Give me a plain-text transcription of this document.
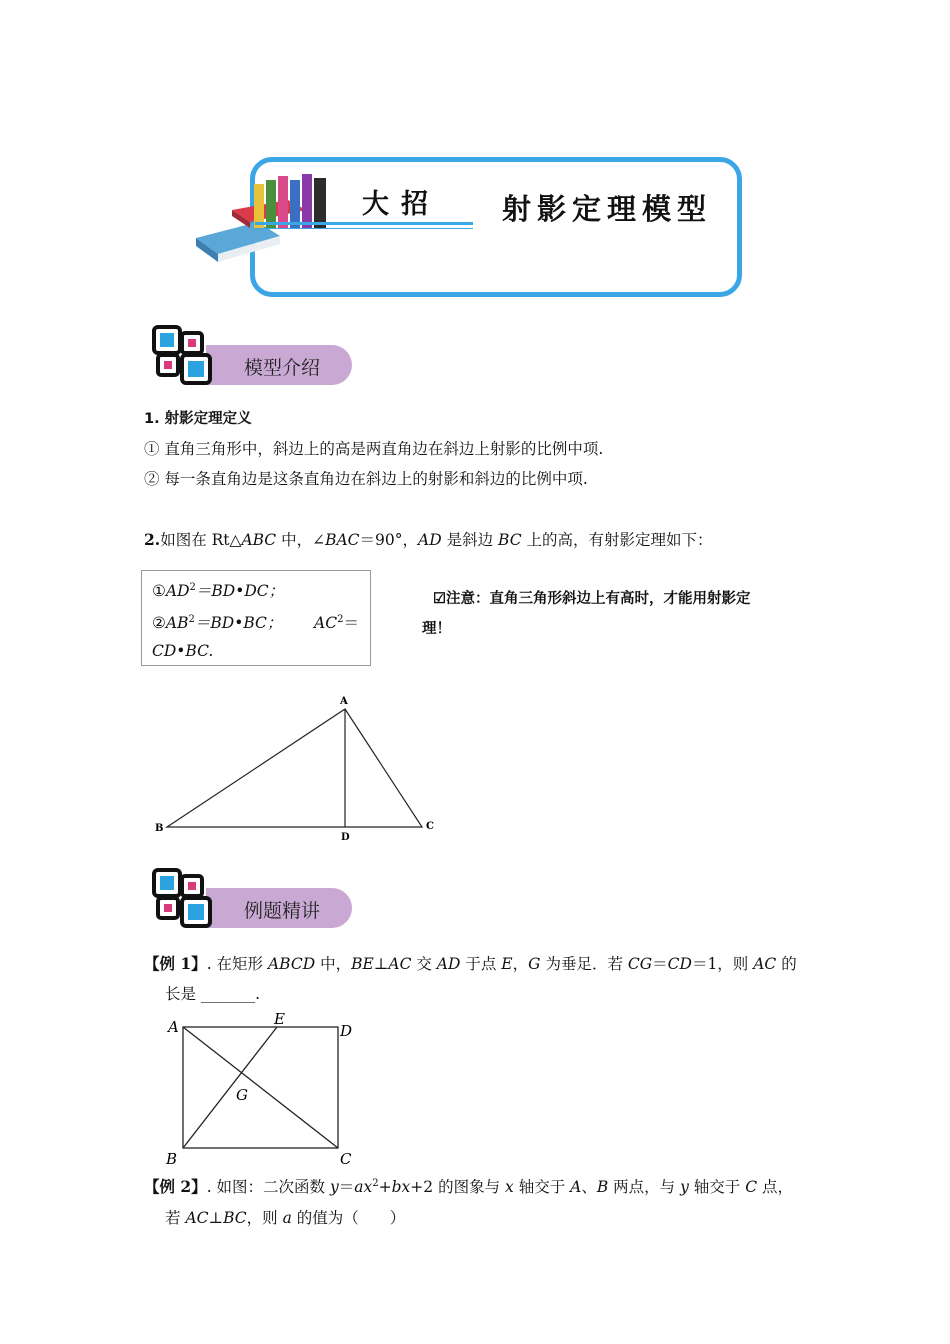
大招 射影定理模型
模型介绍
1. 射影定理定义
① 直角三角形中，斜边上的高是两直角边在斜边上射影的比例中项.
② 每一条直角边是这条直角边在斜边上的射影和斜边的比例中项.
2.如图在 Rt△ABC 中，∠BAC＝90°，AD 是斜边 BC 上的高，有射影定理如下：
$①AD^2=BD•DC$；
$②AB^2=BD•BC$； $AC^2=$
CD•BC.
☑注意：直角三角形斜边上有高时，才能用射影定
理！
A
B	C
D
例题精讲
【例 1】. 在矩形 ABCD 中，BE⊥AC 交 AD 于点 E，G 为垂足．若 CG＝CD＝1，则 AC 的
长是 _______.
A	D
E
G
B	C
【例 2】. 如图：二次函数 $y=ax^2+bx+2$ 的图象与 x 轴交于 A、B 两点，与 y 轴交于 C 点，
若 AC⊥BC，则 a 的值为（　　）
